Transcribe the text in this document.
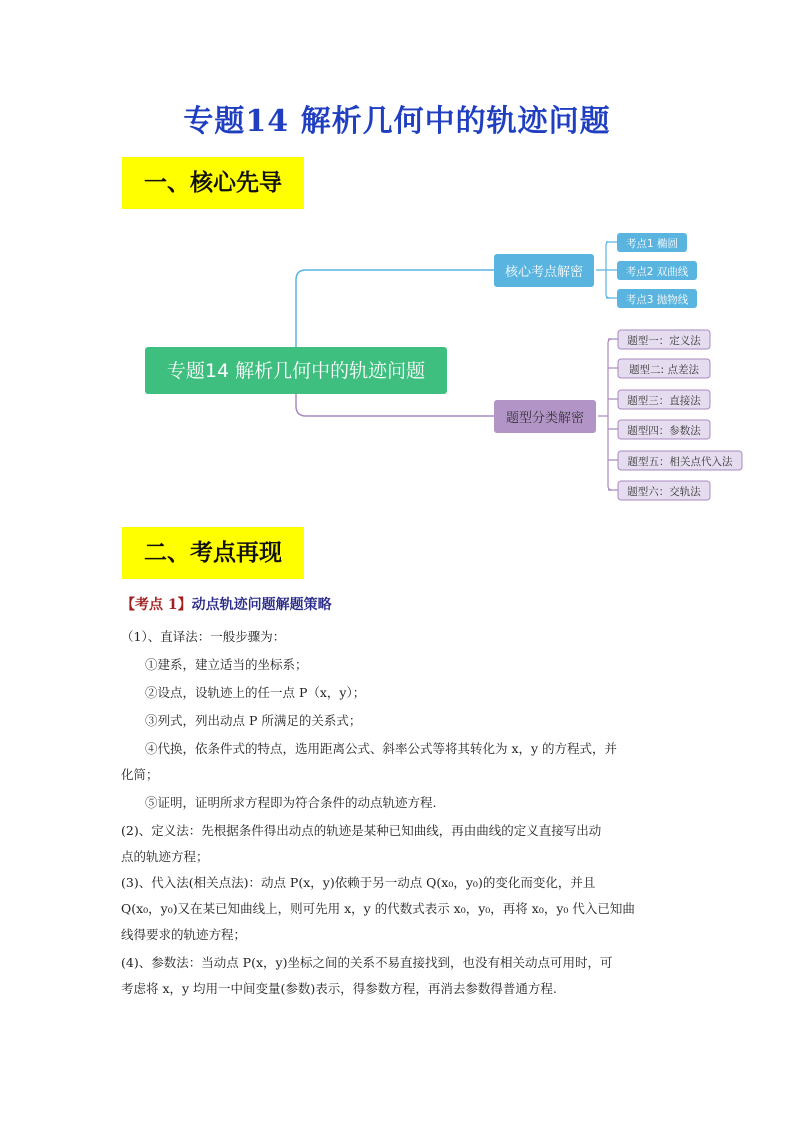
专题14 解析几何中的轨迹问题
一、核心先导
专题14 解析几何中的轨迹问题
核心考点解密
考点1 椭圆
考点2 双曲线
考点3 抛物线
题型分类解密
题型一：定义法
题型二: 点差法
题型三：直接法
题型四：参数法
题型五：相关点代入法
题型六：交轨法
二、考点再现
【考点 1】动点轨迹问题解题策略
（1）、直译法：一般步骤为：
①建系，建立适当的坐标系；
②设点，设轨迹上的任一点 P（x，y）；
③列式，列出动点 P 所满足的关系式；
④代换，依条件式的特点，选用距离公式、斜率公式等将其转化为 x，y 的方程式，并
化简；
⑤证明，证明所求方程即为符合条件的动点轨迹方程.
(2)、定义法：先根据条件得出动点的轨迹是某种已知曲线，再由曲线的定义直接写出动
点的轨迹方程；
(3)、代入法(相关点法)：动点 P(x，y)依赖于另一动点 Q(x₀，y₀)的变化而变化，并且
Q(x₀，y₀)又在某已知曲线上，则可先用 x，y 的代数式表示 x₀，y₀，再将 x₀，y₀ 代入已知曲
线得要求的轨迹方程；
(4)、参数法：当动点 P(x，y)坐标之间的关系不易直接找到，也没有相关动点可用时，可
考虑将 x，y 均用一中间变量(参数)表示，得参数方程，再消去参数得普通方程.
